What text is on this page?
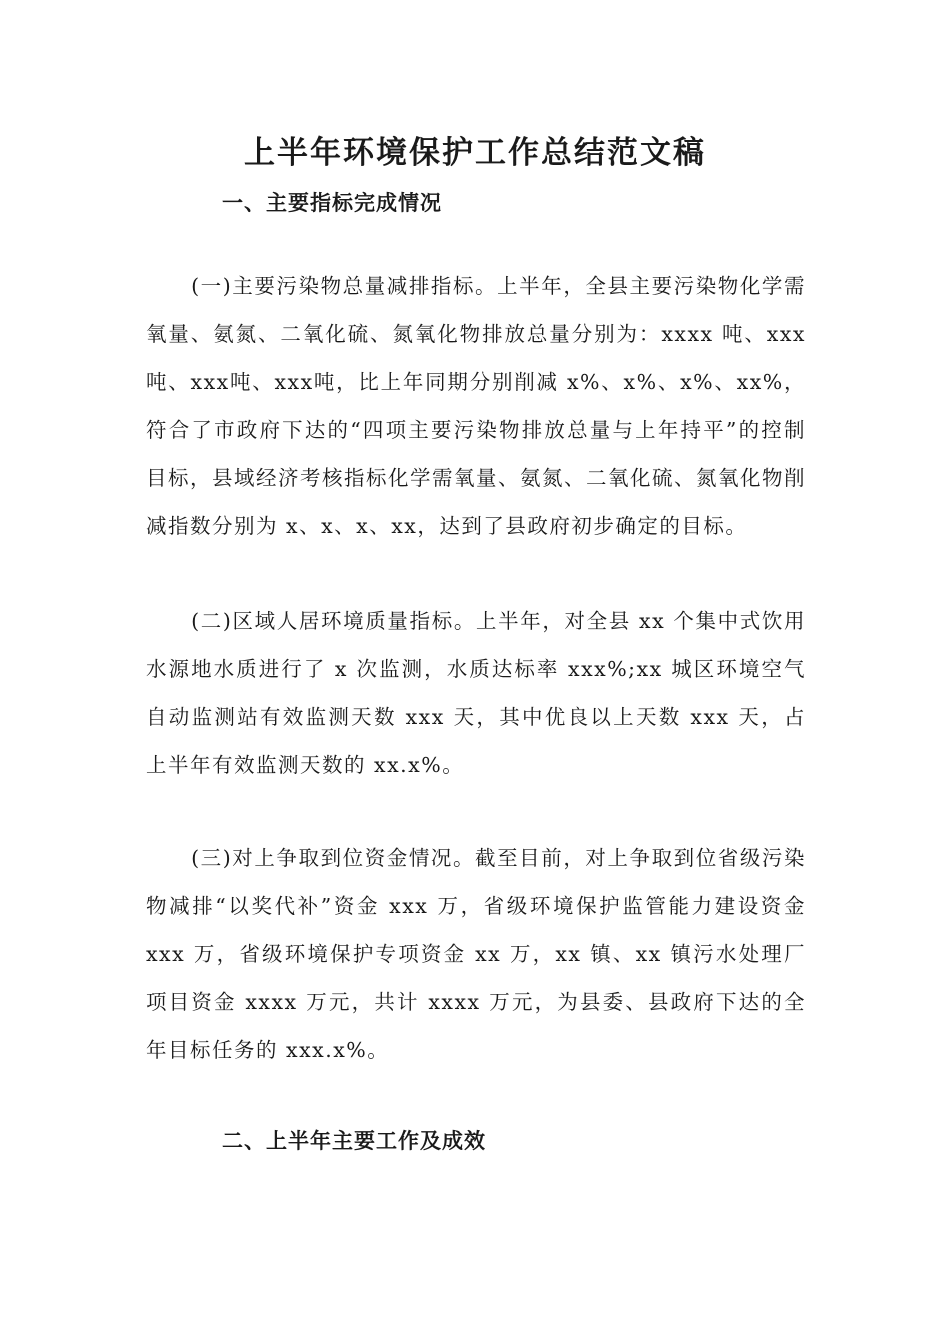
上半年环境保护工作总结范文稿
一、主要指标完成情况

(一)主要污染物总量减排指标。上半年，全县主要污染物化学需氧量、氨氮、二氧化硫、氮氧化物排放总量分别为：xxxx 吨、xxx吨、xxx吨、xxx吨，比上年同期分别削减 x%、x%、x%、xx%，符合了市政府下达的“四项主要污染物排放总量与上年持平”的控制目标，县域经济考核指标化学需氧量、氨氮、二氧化硫、氮氧化物削减指数分别为 x、x、x、xx，达到了县政府初步确定的目标。

(二)区域人居环境质量指标。上半年，对全县 xx 个集中式饮用水源地水质进行了 x 次监测，水质达标率 xxx%;xx 城区环境空气自动监测站有效监测天数 xxx 天，其中优良以上天数 xxx 天，占上半年有效监测天数的 xx.x%。

(三)对上争取到位资金情况。截至目前，对上争取到位省级污染物减排“以奖代补”资金 xxx 万，省级环境保护监管能力建设资金 xxx 万，省级环境保护专项资金 xx 万，xx 镇、xx 镇污水处理厂项目资金 xxxx 万元，共计 xxxx 万元，为县委、县政府下达的全年目标任务的 xxx.x%。

二、上半年主要工作及成效
